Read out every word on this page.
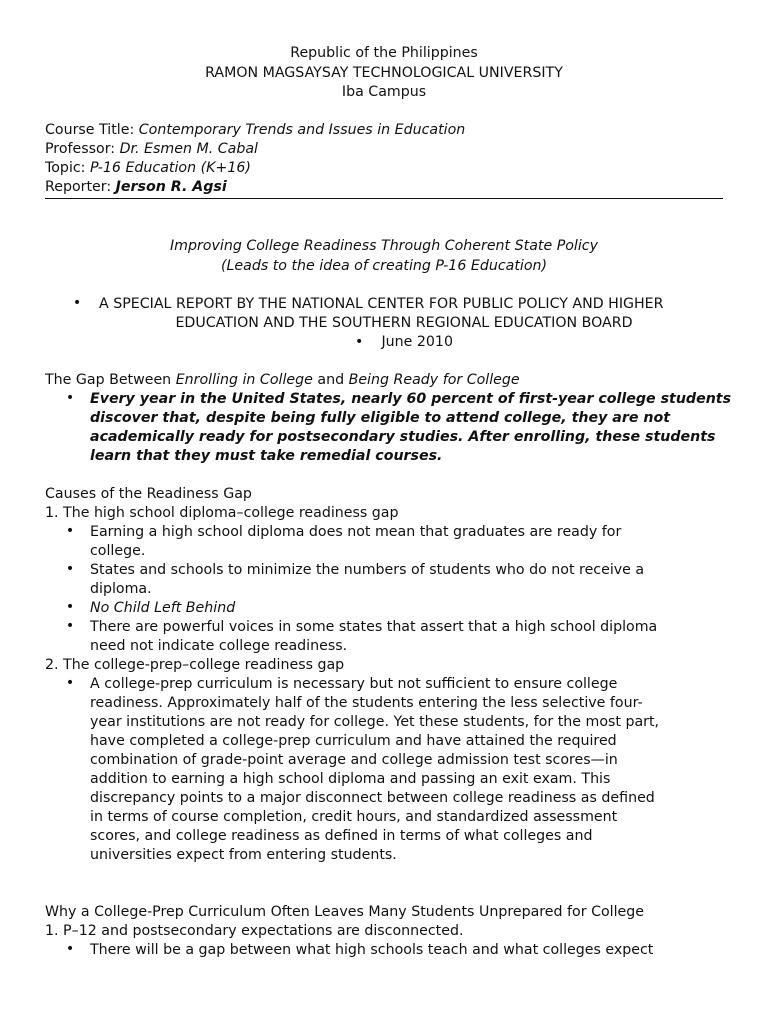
Republic of the Philippines
RAMON MAGSAYSAY TECHNOLOGICAL UNIVERSITY
Iba Campus
Course Title: Contemporary Trends and Issues in Education
Professor: Dr. Esmen M. Cabal
Topic: P-16 Education (K+16)
Reporter: Jerson R. Agsi
Improving College Readiness Through Coherent State Policy
(Leads to the idea of creating P-16 Education)
• A SPECIAL REPORT BY THE NATIONAL CENTER FOR PUBLIC POLICY AND HIGHER
EDUCATION AND THE SOUTHERN REGIONAL EDUCATION BOARD
• June 2010
The Gap Between Enrolling in College and Being Ready for College
• Every year in the United States, nearly 60 percent of first-year college students
discover that, despite being fully eligible to attend college, they are not
academically ready for postsecondary studies. After enrolling, these students
learn that they must take remedial courses.
Causes of the Readiness Gap
1. The high school diploma–college readiness gap
• Earning a high school diploma does not mean that graduates are ready for
college.
• States and schools to minimize the numbers of students who do not receive a
diploma.
• No Child Left Behind
• There are powerful voices in some states that assert that a high school diploma
need not indicate college readiness.
2. The college-prep–college readiness gap
• A college-prep curriculum is necessary but not sufficient to ensure college
readiness. Approximately half of the students entering the less selective four-
year institutions are not ready for college. Yet these students, for the most part,
have completed a college-prep curriculum and have attained the required
combination of grade-point average and college admission test scores—in
addition to earning a high school diploma and passing an exit exam. This
discrepancy points to a major disconnect between college readiness as defined
in terms of course completion, credit hours, and standardized assessment
scores, and college readiness as defined in terms of what colleges and
universities expect from entering students.
Why a College-Prep Curriculum Often Leaves Many Students Unprepared for College
1. P–12 and postsecondary expectations are disconnected.
• There will be a gap between what high schools teach and what colleges expect
